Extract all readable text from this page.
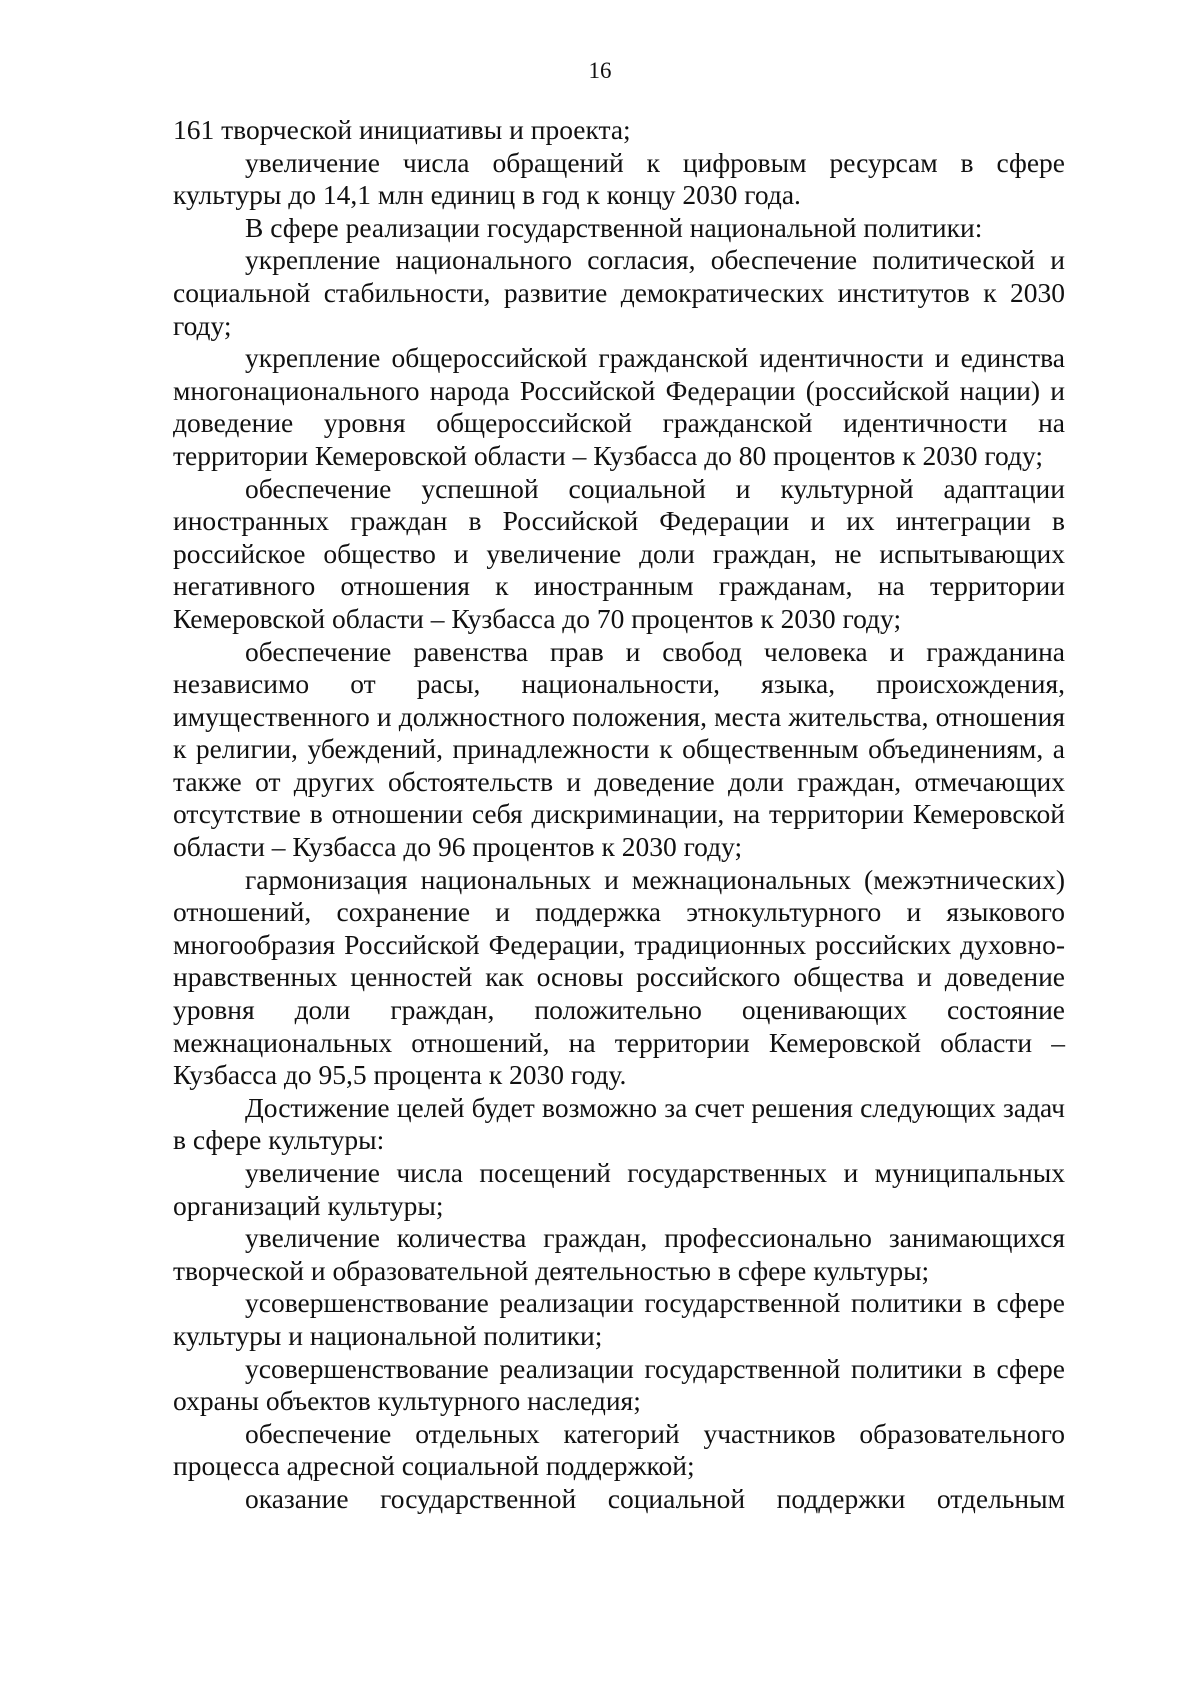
16

161 творческой инициативы и проекта;

увеличение числа обращений к цифровым ресурсам в сфере культуры до 14,1 млн единиц в год к концу 2030 года.

В сфере реализации государственной национальной политики:

укрепление национального согласия, обеспечение политической и социальной стабильности, развитие демократических институтов к 2030 году;

укрепление общероссийской гражданской идентичности и единства многонационального народа Российской Федерации (российской нации) и доведение уровня общероссийской гражданской идентичности на территории Кемеровской области – Кузбасса до 80 процентов к 2030 году;

обеспечение успешной социальной и культурной адаптации иностранных граждан в Российской Федерации и их интеграции в российское общество и увеличение доли граждан, не испытывающих негативного отношения к иностранным гражданам, на территории Кемеровской области – Кузбасса до 70 процентов к 2030 году;

обеспечение равенства прав и свобод человека и гражданина независимо от расы, национальности, языка, происхождения, имущественного и должностного положения, места жительства, отношения к религии, убеждений, принадлежности к общественным объединениям, а также от других обстоятельств и доведение доли граждан, отмечающих отсутствие в отношении себя дискриминации, на территории Кемеровской области – Кузбасса до 96 процентов к 2030 году;

гармонизация национальных и межнациональных (межэтнических) отношений, сохранение и поддержка этнокультурного и языкового многообразия Российской Федерации, традиционных российских духовно-нравственных ценностей как основы российского общества и доведение уровня доли граждан, положительно оценивающих состояние межнациональных отношений, на территории Кемеровской области – Кузбасса до 95,5 процента к 2030 году.

Достижение целей будет возможно за счет решения следующих задач в сфере культуры:

увеличение числа посещений государственных и муниципальных организаций культуры;

увеличение количества граждан, профессионально занимающихся творческой и образовательной деятельностью в сфере культуры;

усовершенствование реализации государственной политики в сфере культуры и национальной политики;

усовершенствование реализации государственной политики в сфере охраны объектов культурного наследия;

обеспечение отдельных категорий участников образовательного процесса адресной социальной поддержкой;

оказание государственной социальной поддержки отдельным
